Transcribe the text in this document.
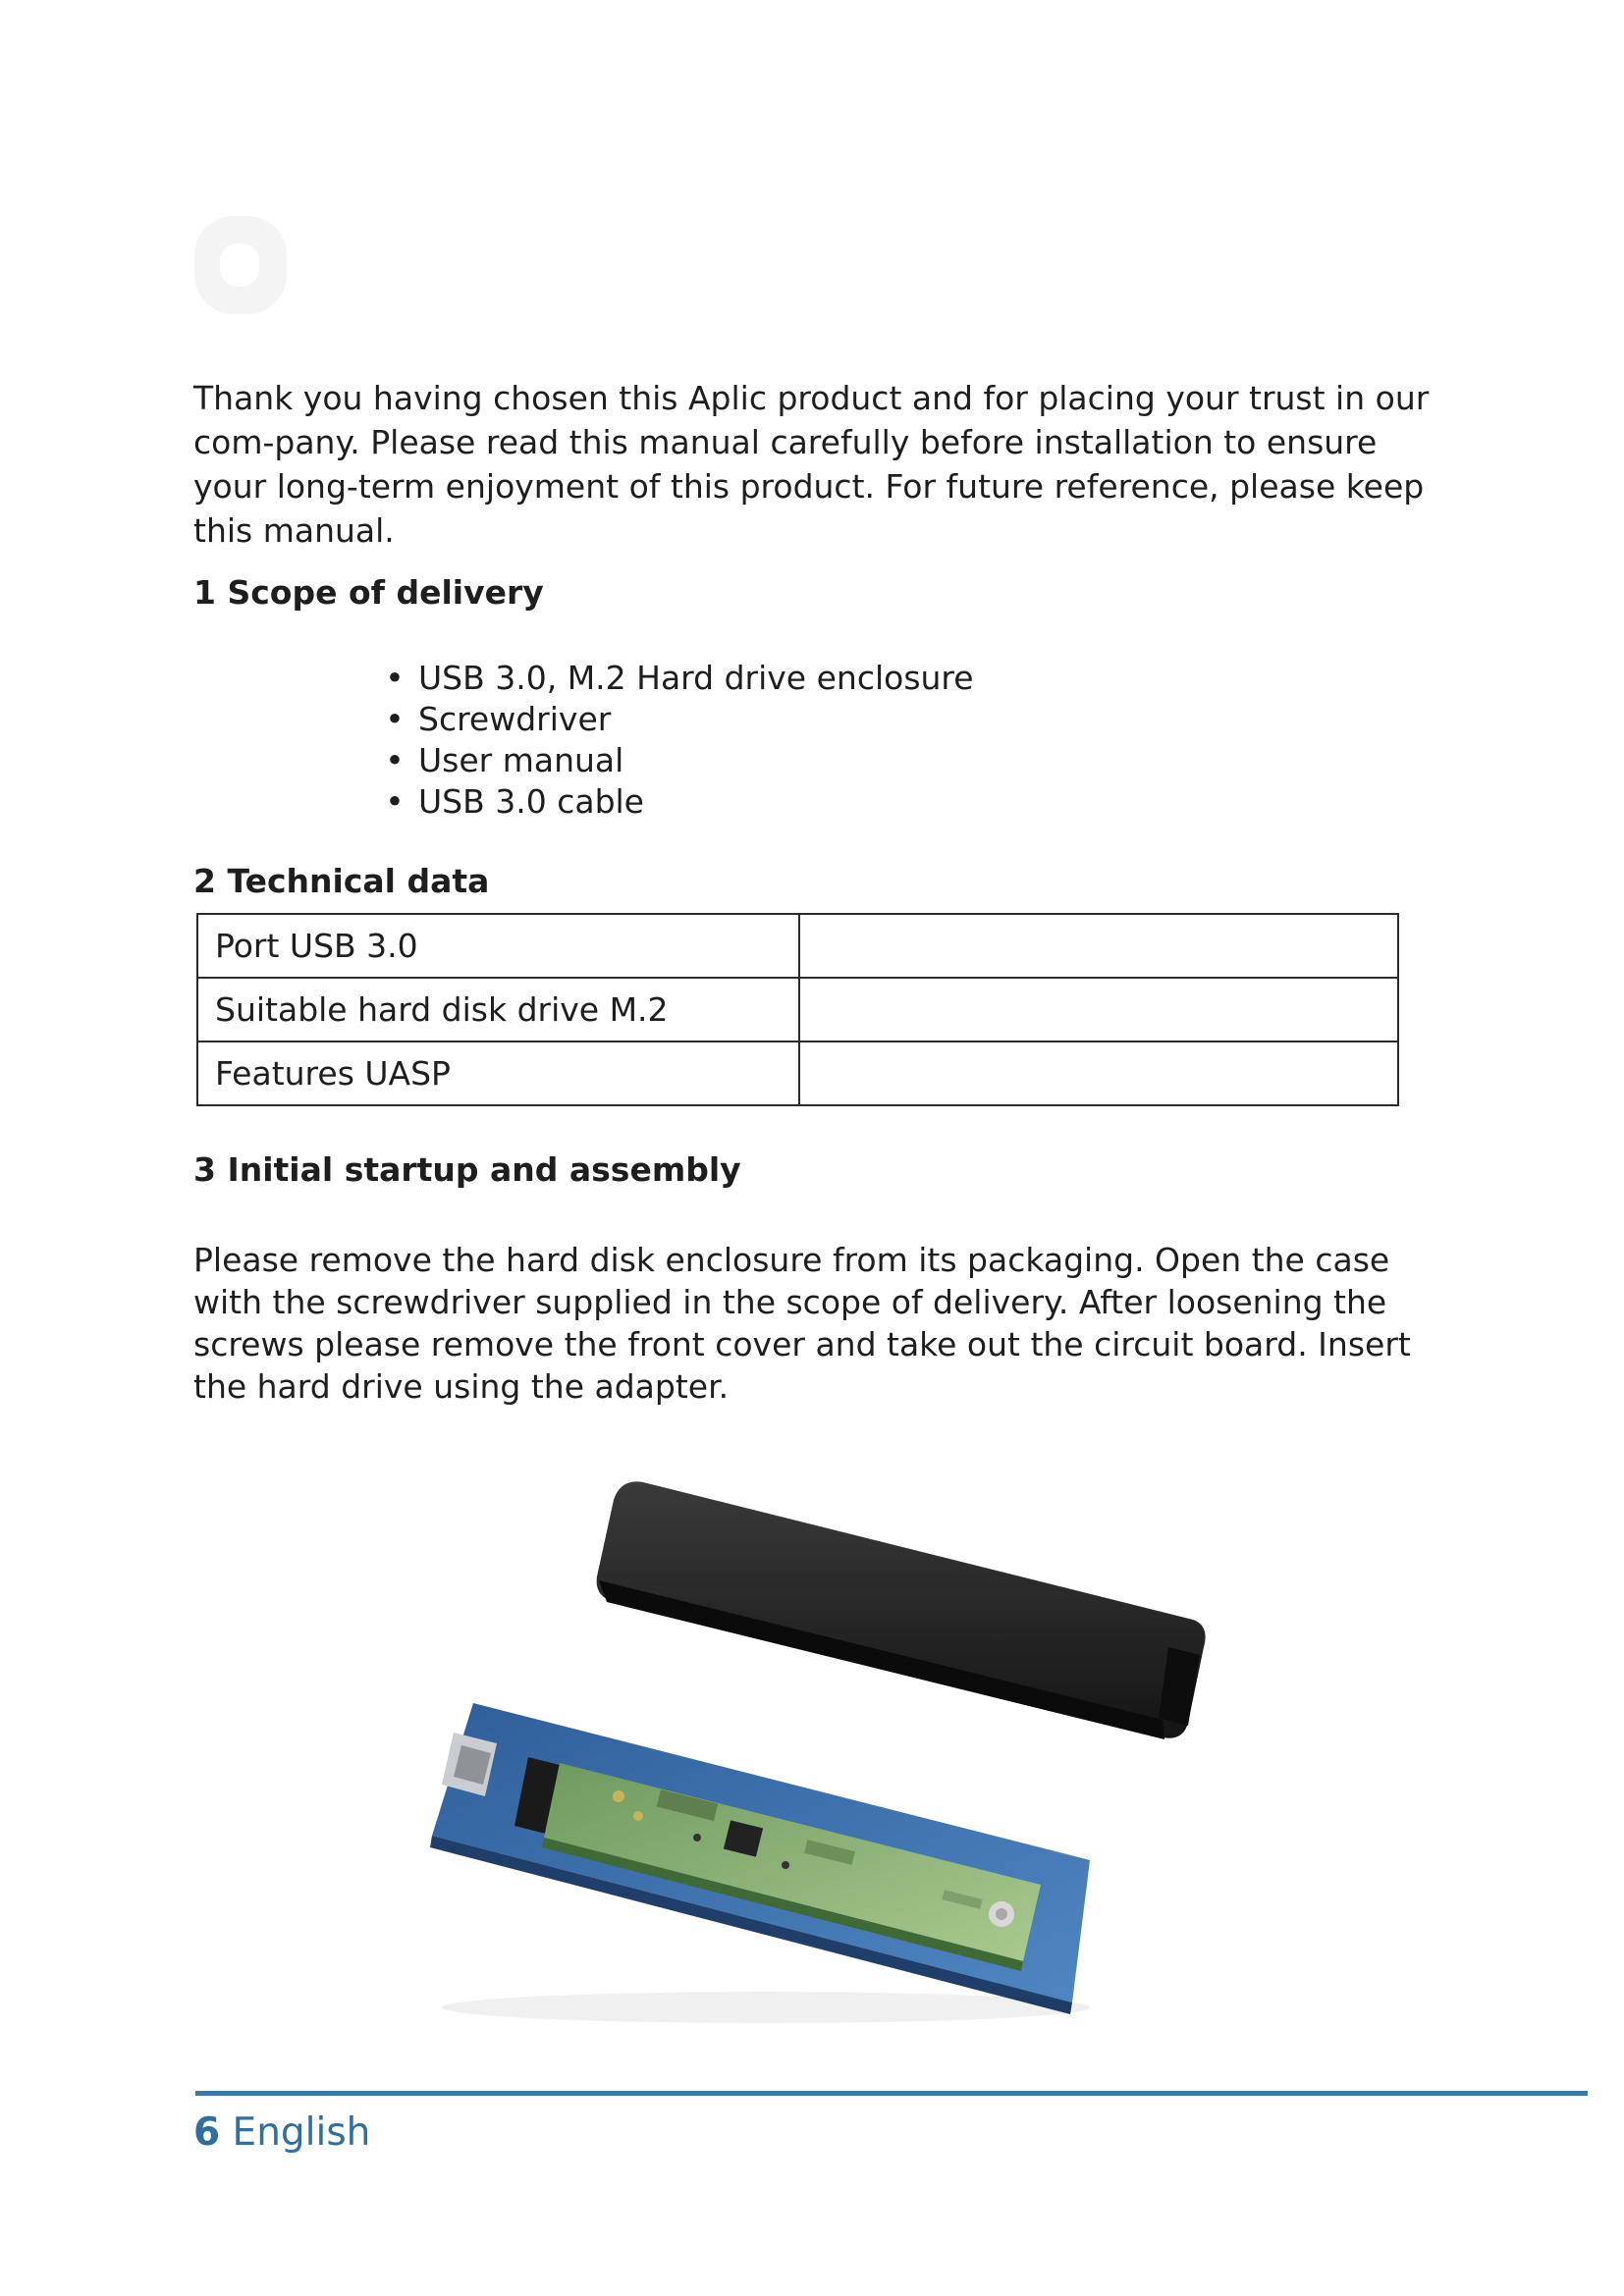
Thank you having chosen this Aplic product and for placing your trust in our com-pany. Please read this manual carefully before installation to ensure your long-term enjoyment of this product. For future reference, please keep this manual.

1 Scope of delivery
• USB 3.0, M.2 Hard drive enclosure
• Screwdriver
• User manual
• USB 3.0 cable
2 Technical data
Port USB 3.0	
Suitable hard disk drive M.2	
Features UASP	
3 Initial startup and assembly

Please remove the hard disk enclosure from its packaging. Open the case with the screwdriver supplied in the scope of delivery. After loosening the screws please remove the front cover and take out the circuit board. Insert the hard drive using the adapter.

6 English
